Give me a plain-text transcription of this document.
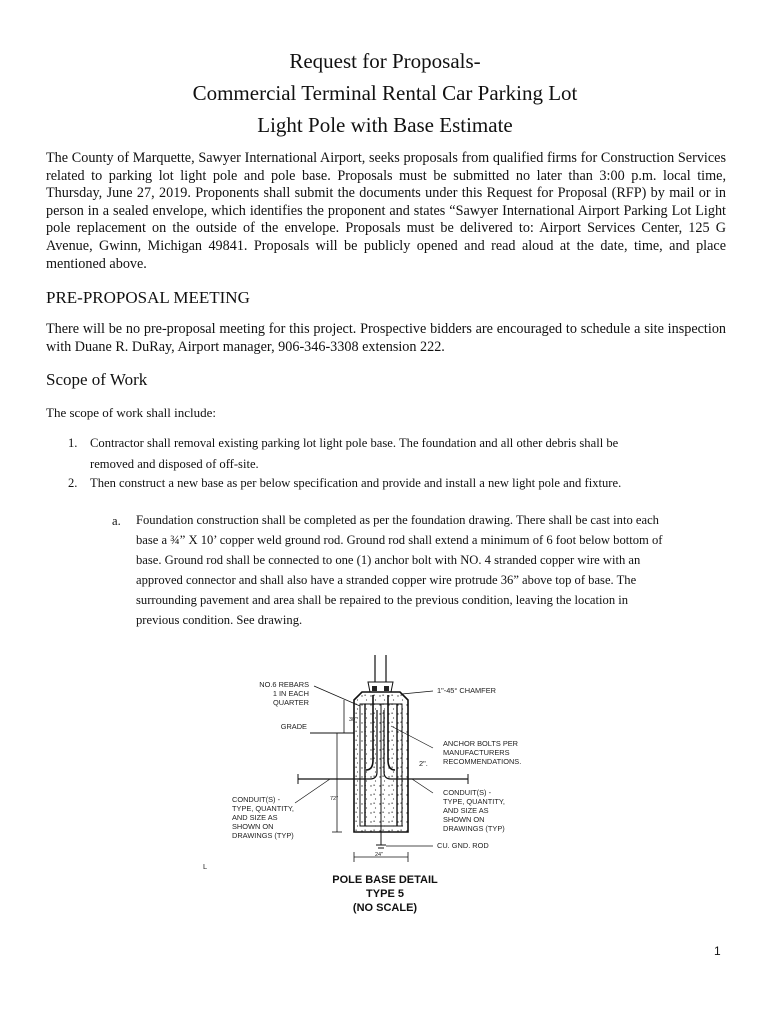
Request for Proposals-
Commercial Terminal Rental Car Parking Lot
Light Pole with Base Estimate
The County of Marquette, Sawyer International Airport, seeks proposals from qualified firms for Construction Services related to parking lot light pole and pole base. Proposals must be submitted no later than 3:00 p.m. local time, Thursday, June 27, 2019. Proponents shall submit the documents under this Request for Proposal (RFP) by mail or in person in a sealed envelope, which identifies the proponent and states “Sawyer International Airport Parking Lot Light pole replacement on the outside of the envelope. Proposals must be delivered to: Airport Services Center, 125 G Avenue, Gwinn, Michigan 49841. Proposals will be publicly opened and read aloud at the date, time, and place mentioned above.
PRE-PROPOSAL MEETING
There will be no pre-proposal meeting for this project. Prospective bidders are encouraged to schedule a site inspection with Duane R. DuRay, Airport manager, 906-346-3308 extension 222.
Scope of Work
The scope of work shall include:
1. Contractor shall removal existing parking lot light pole base. The foundation and all other debris shall be
removed and disposed of off-site.
2. Then construct a new base as per below specification and provide and install a new light pole and fixture.
a. Foundation construction shall be completed as per the foundation drawing. There shall be cast into each
base a ¾” X 10’ copper weld ground rod. Ground rod shall extend a minimum of 6 foot below bottom of
base. Ground rod shall be connected to one (1) anchor bolt with NO. 4 stranded copper wire with an
approved connector and shall also have a stranded copper wire protrude 36” above top of base. The
surrounding pavement and area shall be repaired to the previous condition, leaving the location in
previous condition. See drawing.
NO.6 REBARS
1 IN EACH
QUARTER
1"-45° CHAMFER
GRADE
30"
ANCHOR BOLTS PER
MANUFACTURERS
RECOMMENDATIONS.
2".
CONDUIT(S) -
TYPE, QUANTITY,
AND SIZE AS
SHOWN ON
DRAWINGS (TYP)
CONDUIT(S) -
TYPE, QUANTITY,
AND SIZE AS
SHOWN ON
DRAWINGS (TYP)
CU. GND. ROD
72"
24"
L
POLE BASE DETAIL
TYPE 5
(NO SCALE)
1
